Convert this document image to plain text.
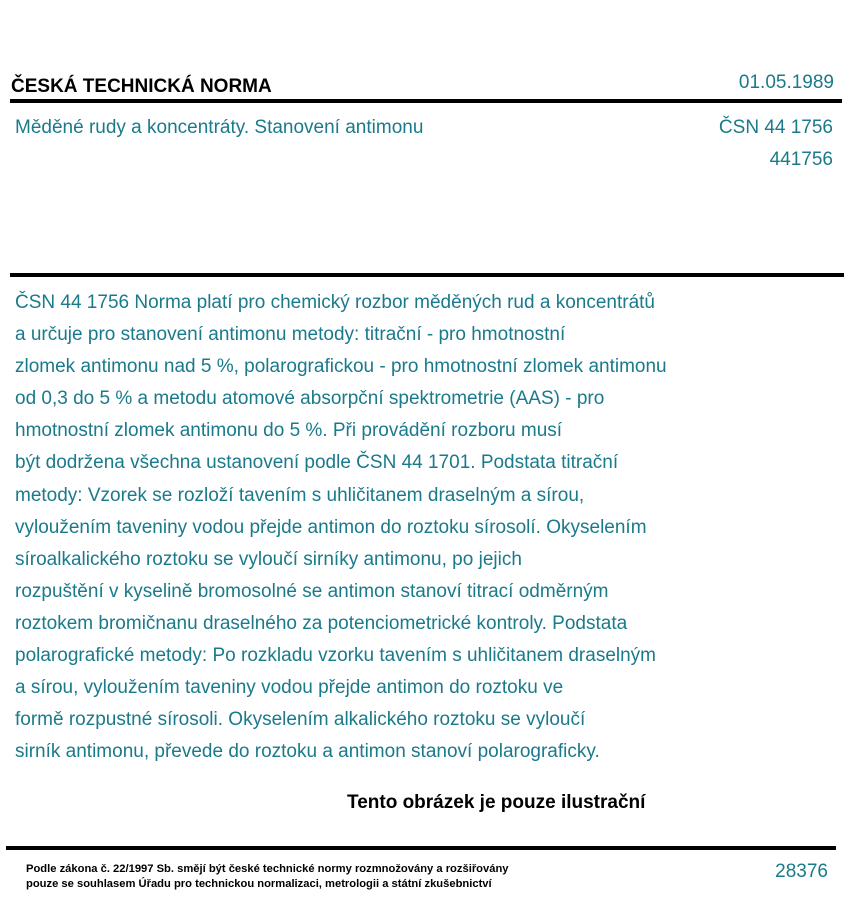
ČESKÁ TECHNICKÁ NORMA	01.05.1989
Měděné rudy a koncentráty. Stanovení antimonu	ČSN 44 1756
441756
ČSN 44 1756 Norma platí pro chemický rozbor měděných rud a koncentrátů
a určuje pro stanovení antimonu metody: titrační - pro hmotnostní
zlomek antimonu nad 5 %, polarografickou - pro hmotnostní zlomek antimonu
od 0,3 do 5 % a metodu atomové absorpční spektrometrie (AAS) - pro
hmotnostní zlomek antimonu do 5 %. Při provádění rozboru musí
být dodržena všechna ustanovení podle ČSN 44 1701. Podstata titrační
metody: Vzorek se rozloží tavením s uhličitanem draselným a sírou,
vyloužením taveniny vodou přejde antimon do roztoku sírosolí. Okyselením
síroalkalického roztoku se vyloučí sirníky antimonu, po jejich
rozpuštění v kyselině bromosolné se antimon stanoví titrací odměrným
roztokem bromičnanu draselného za potenciometrické kontroly. Podstata
polarografické metody: Po rozkladu vzorku tavením s uhličitanem draselným
a sírou, vyloužením taveniny vodou přejde antimon do roztoku ve
formě rozpustné sírosoli. Okyselením alkalického roztoku se vyloučí
sirník antimonu, převede do roztoku a antimon stanoví polarograficky.
Tento obrázek je pouze ilustrační
Podle zákona č. 22/1997 Sb. smějí být české technické normy rozmnožovány a rozšiřovány
pouze se souhlasem Úřadu pro technickou normalizaci, metrologii a státní zkušebnictví
28376
